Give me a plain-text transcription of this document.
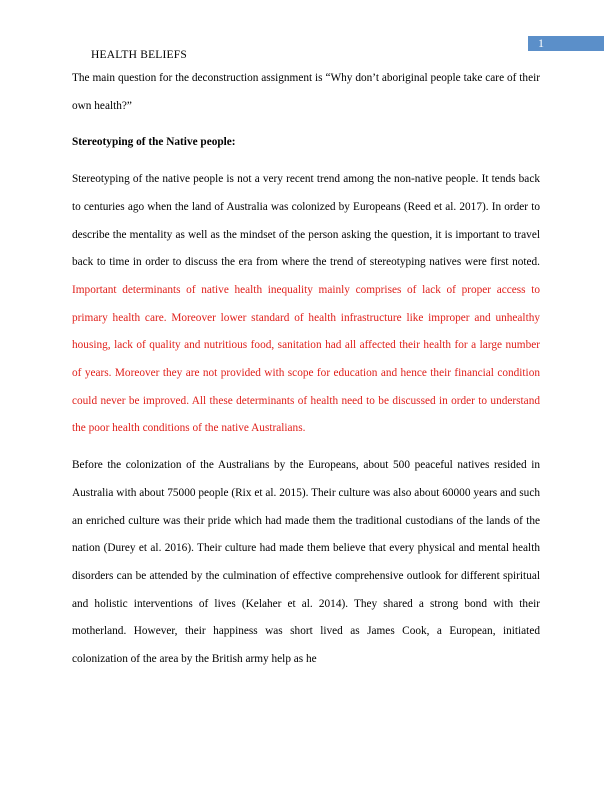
1
HEALTH BELIEFS

The main question for the deconstruction assignment is “Why don’t aboriginal people take care of their own health?”

Stereotyping of the Native people:

Stereotyping of the native people is not a very recent trend among the non-native people. It tends back to centuries ago when the land of Australia was colonized by Europeans (Reed et al. 2017). In order to describe the mentality as well as the mindset of the person asking the question, it is important to travel back to time in order to discuss the era from where the trend of stereotyping natives were first noted. Important determinants of native health inequality mainly comprises of lack of proper access to primary health care. Moreover lower standard of health infrastructure like improper and unhealthy housing, lack of quality and nutritious food, sanitation had all affected their health for a large number of years. Moreover they are not provided with scope for education and hence their financial condition could never be improved. All these determinants of health need to be discussed in order to understand the poor health conditions of the native Australians.

Before the colonization of the Australians by the Europeans, about 500 peaceful natives resided in Australia with about 75000 people (Rix et al. 2015). Their culture was also about 60000 years and such an enriched culture was their pride which had made them the traditional custodians of the lands of the nation (Durey et al. 2016). Their culture had made them believe that every physical and mental health disorders can be attended by the culmination of effective comprehensive outlook for different spiritual and holistic interventions of lives (Kelaher et al. 2014). They shared a strong bond with their motherland. However, their happiness was short lived as James Cook, a European, initiated colonization of the area by the British army help as he
